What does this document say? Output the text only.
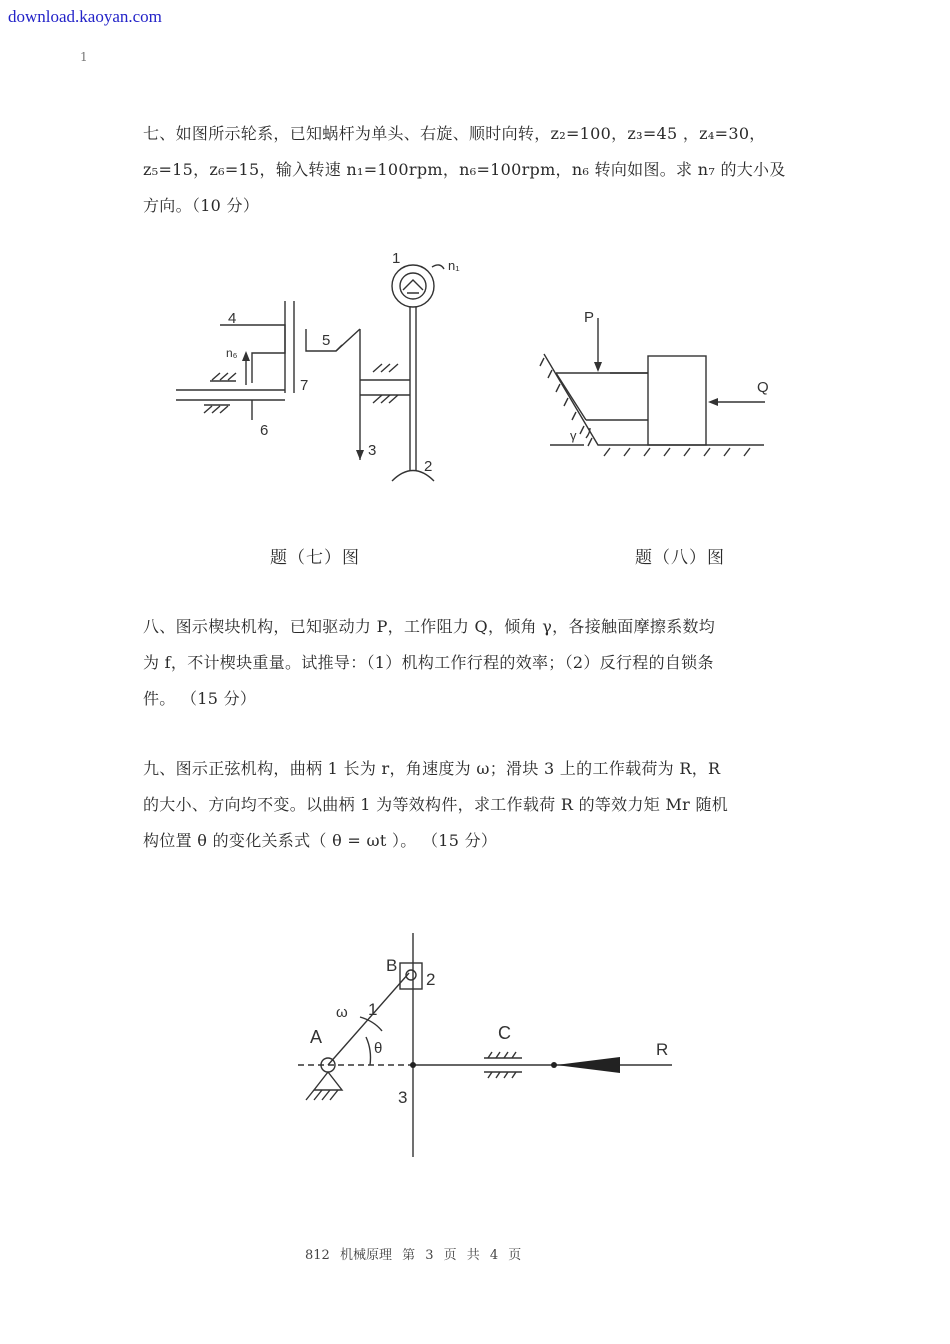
download.kaoyan.com
1
七、如图所示轮系，已知蜗杆为单头、右旋、顺时向转，z₂=100，z₃=45 ，z₄=30，
z₅=15，z₆=15，输入转速 n₁=100rpm，n₆=100rpm，n₆ 转向如图。求 n₇ 的大小及
方向。（10 分）
1	n₁
2
3
4
5
6
7
n₆
P
Q
γ
题（七）图	题（八）图
八、图示楔块机构，已知驱动力 P，工作阻力 Q，倾角 γ，各接触面摩擦系数均
为 f，不计楔块重量。试推导：（1）机构工作行程的效率；（2）反行程的自锁条
件。 （15 分）
九、图示正弦机构，曲柄 1 长为 r，角速度为 ω；滑块 3 上的工作载荷为 R，R
的大小、方向均不变。以曲柄 1 为等效构件，求工作载荷 R 的等效力矩 Mr 随机
构位置 θ 的变化关系式（ θ = ωt ）。 （15 分）
B
2
1
ω
A
θ
3
C
R
812 机械原理 第 3 页 共 4 页
